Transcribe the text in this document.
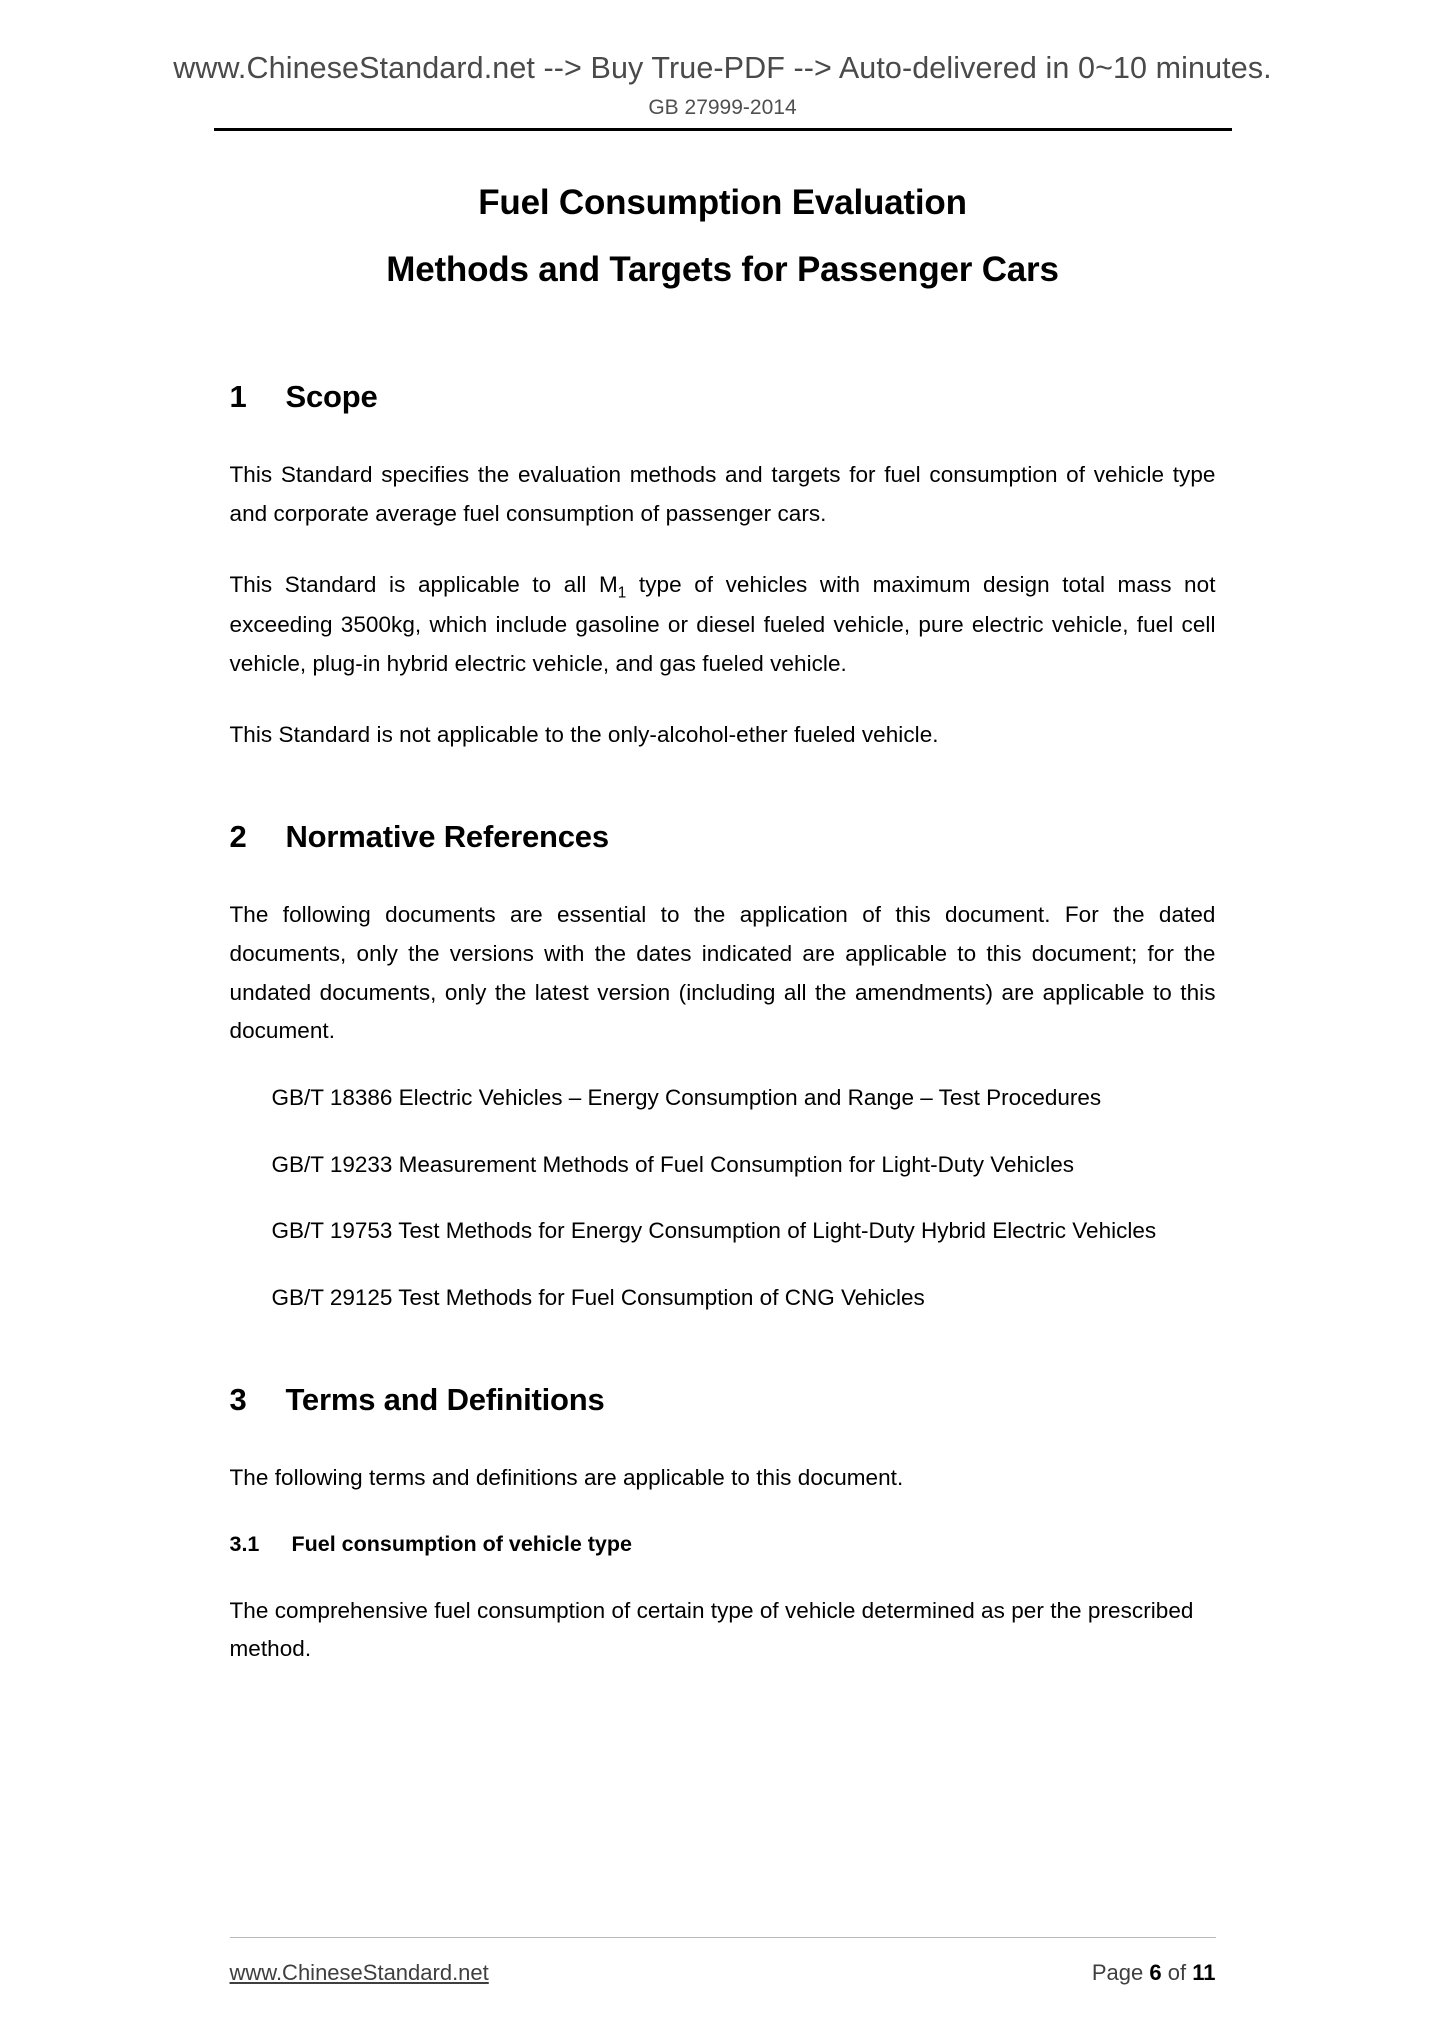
www.ChineseStandard.net --> Buy True-PDF --> Auto-delivered in 0~10 minutes.
GB 27999-2014
Fuel Consumption Evaluation
Methods and Targets for Passenger Cars
1 Scope

This Standard specifies the evaluation methods and targets for fuel consumption of vehicle type and corporate average fuel consumption of passenger cars.

This Standard is applicable to all $M_1$ type of vehicles with maximum design total mass not exceeding 3500kg, which include gasoline or diesel fueled vehicle, pure electric vehicle, fuel cell vehicle, plug-in hybrid electric vehicle, and gas fueled vehicle.

This Standard is not applicable to the only-alcohol-ether fueled vehicle.

2 Normative References

The following documents are essential to the application of this document. For the dated documents, only the versions with the dates indicated are applicable to this document; for the undated documents, only the latest version (including all the amendments) are applicable to this document.

GB/T 18386 Electric Vehicles – Energy Consumption and Range – Test Procedures

GB/T 19233 Measurement Methods of Fuel Consumption for Light-Duty Vehicles

GB/T 19753 Test Methods for Energy Consumption of Light-Duty Hybrid Electric Vehicles

GB/T 29125 Test Methods for Fuel Consumption of CNG Vehicles

3 Terms and Definitions

The following terms and definitions are applicable to this document.

3.1 Fuel consumption of vehicle type

The comprehensive fuel consumption of certain type of vehicle determined as per the prescribed method.

www.ChineseStandard.net	Page 6 of 11
